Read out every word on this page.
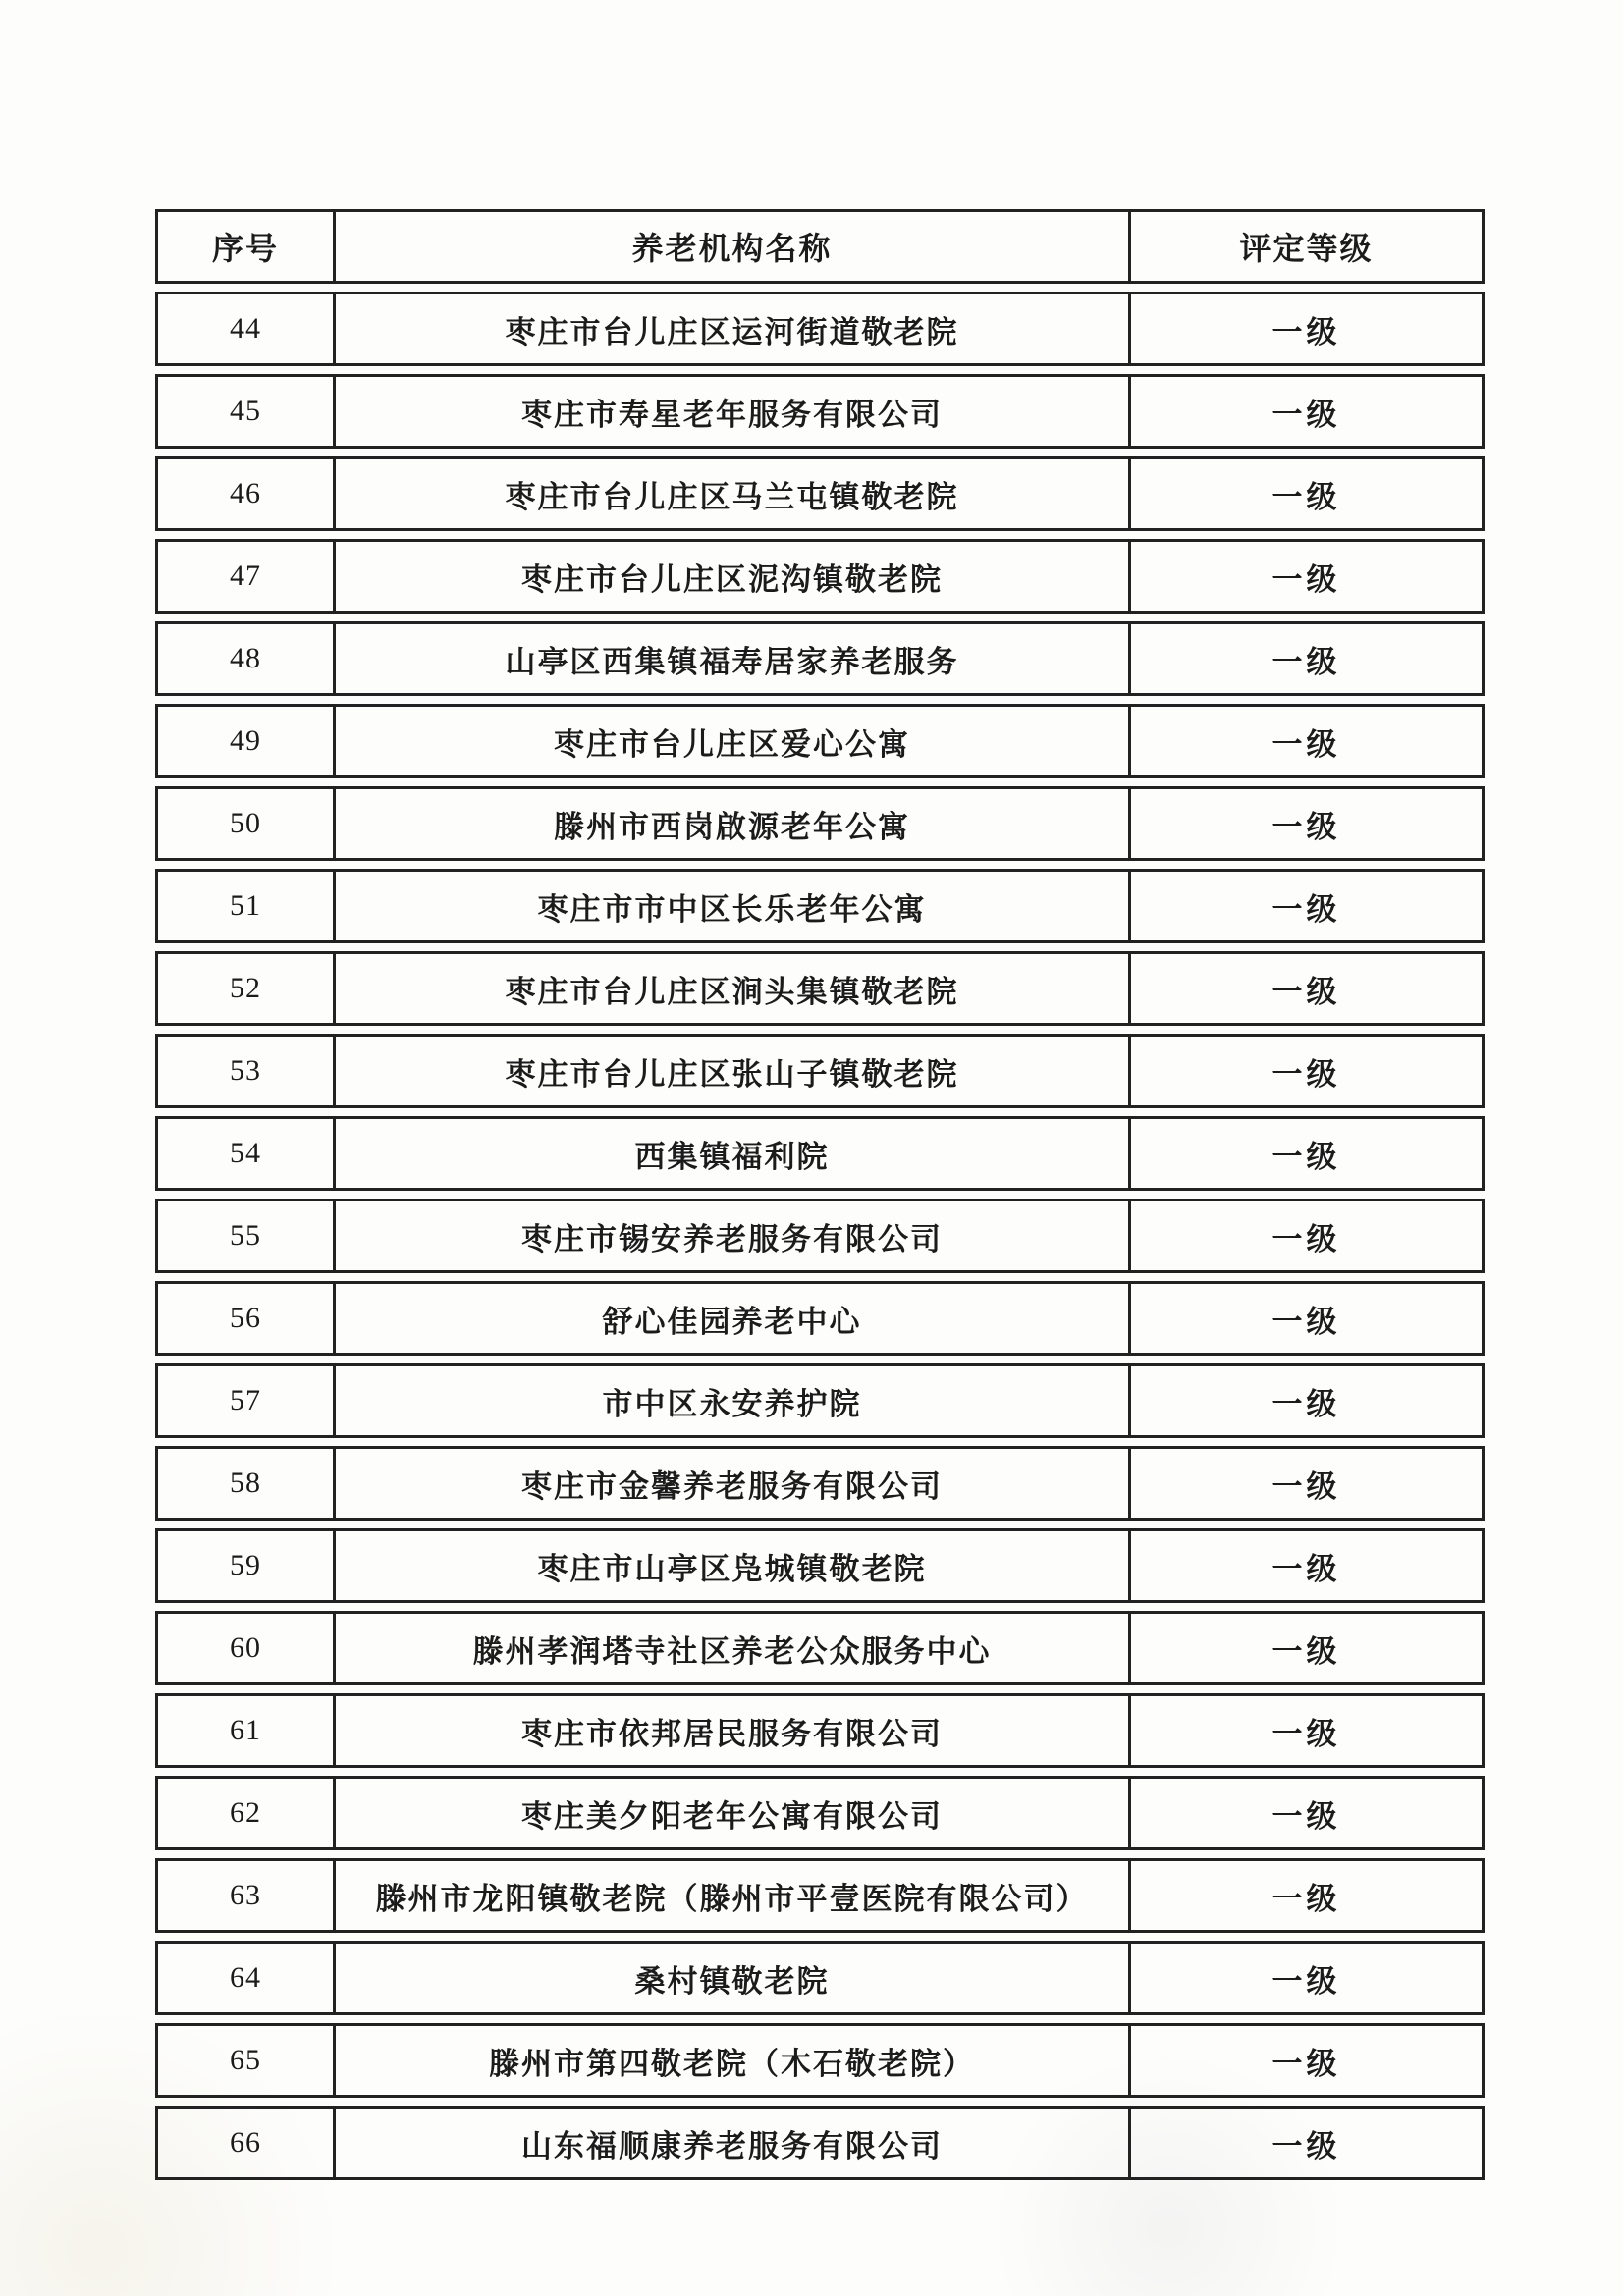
序号	养老机构名称	评定等级
44	枣庄市台儿庄区运河街道敬老院	一级
45	枣庄市寿星老年服务有限公司	一级
46	枣庄市台儿庄区马兰屯镇敬老院	一级
47	枣庄市台儿庄区泥沟镇敬老院	一级
48	山亭区西集镇福寿居家养老服务	一级
49	枣庄市台儿庄区爱心公寓	一级
50	滕州市西岗啟源老年公寓	一级
51	枣庄市市中区长乐老年公寓	一级
52	枣庄市台儿庄区涧头集镇敬老院	一级
53	枣庄市台儿庄区张山子镇敬老院	一级
54	西集镇福利院	一级
55	枣庄市锡安养老服务有限公司	一级
56	舒心佳园养老中心	一级
57	市中区永安养护院	一级
58	枣庄市金馨养老服务有限公司	一级
59	枣庄市山亭区凫城镇敬老院	一级
60	滕州孝润塔寺社区养老公众服务中心	一级
61	枣庄市依邦居民服务有限公司	一级
62	枣庄美夕阳老年公寓有限公司	一级
63	滕州市龙阳镇敬老院（滕州市平壹医院有限公司）	一级
64	桑村镇敬老院	一级
65	滕州市第四敬老院（木石敬老院）	一级
66	山东福顺康养老服务有限公司	一级
